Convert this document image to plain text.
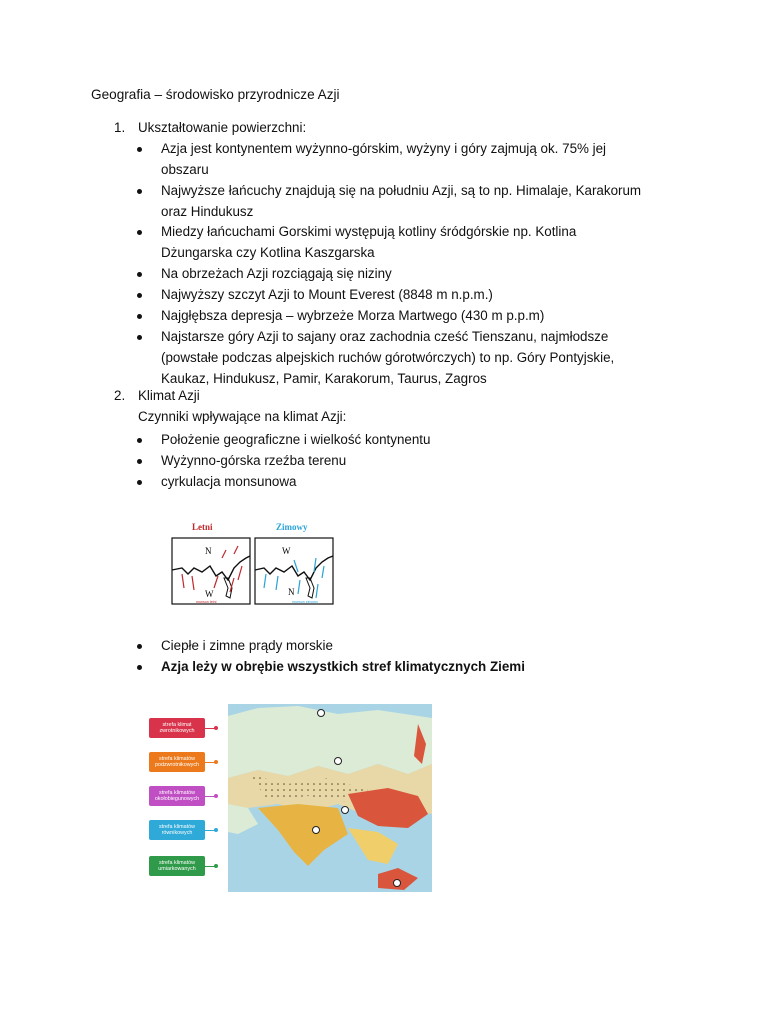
Geografia – środowisko przyrodnicze Azji
1. Ukształtowanie powierzchni:
Azja jest kontynentem wyżynno-górskim, wyżyny i góry zajmują ok. 75% jej
obszaru
Najwyższe łańcuchy znajdują się na południu Azji, są to np. Himalaje, Karakorum
oraz Hindukusz
Miedzy łańcuchami Gorskimi występują kotliny śródgórskie np. Kotlina
Dżungarska czy Kotlina Kaszgarska
Na obrzeżach Azji rozciągają się niziny
Najwyższy szczyt Azji to Mount Everest (8848 m n.p.m.)
Najgłębsza depresja – wybrzeże Morza Martwego (430 m p.p.m)
Najstarsze góry Azji to sajany oraz zachodnia cześć Tienszanu, najmłodsze
(powstałe podczas alpejskich ruchów górotwórczych) to np. Góry Pontyjskie,
Kaukaz, Hindukusz, Pamir, Karakorum, Taurus, Zagros
2. Klimat Azji
Czynniki wpływające na klimat Azji:
Położenie geograficzne i wielkość kontynentu
Wyżynno-górska rzeźba terenu
cyrkulacja monsunowa
Letni	Zimowy
N
W
monsun letni
W
N
monsun zimowy
Ciepłe i zimne prądy morskie
Azja leży w obrębie wszystkich stref klimatycznych Ziemi
strefa klimat zwrotnikowych
strefa klimatów podzwrotnikowych
strefa klimatów okołobiegunowych
strefa klimatów równikowych
strefa klimatów umiarkowanych
